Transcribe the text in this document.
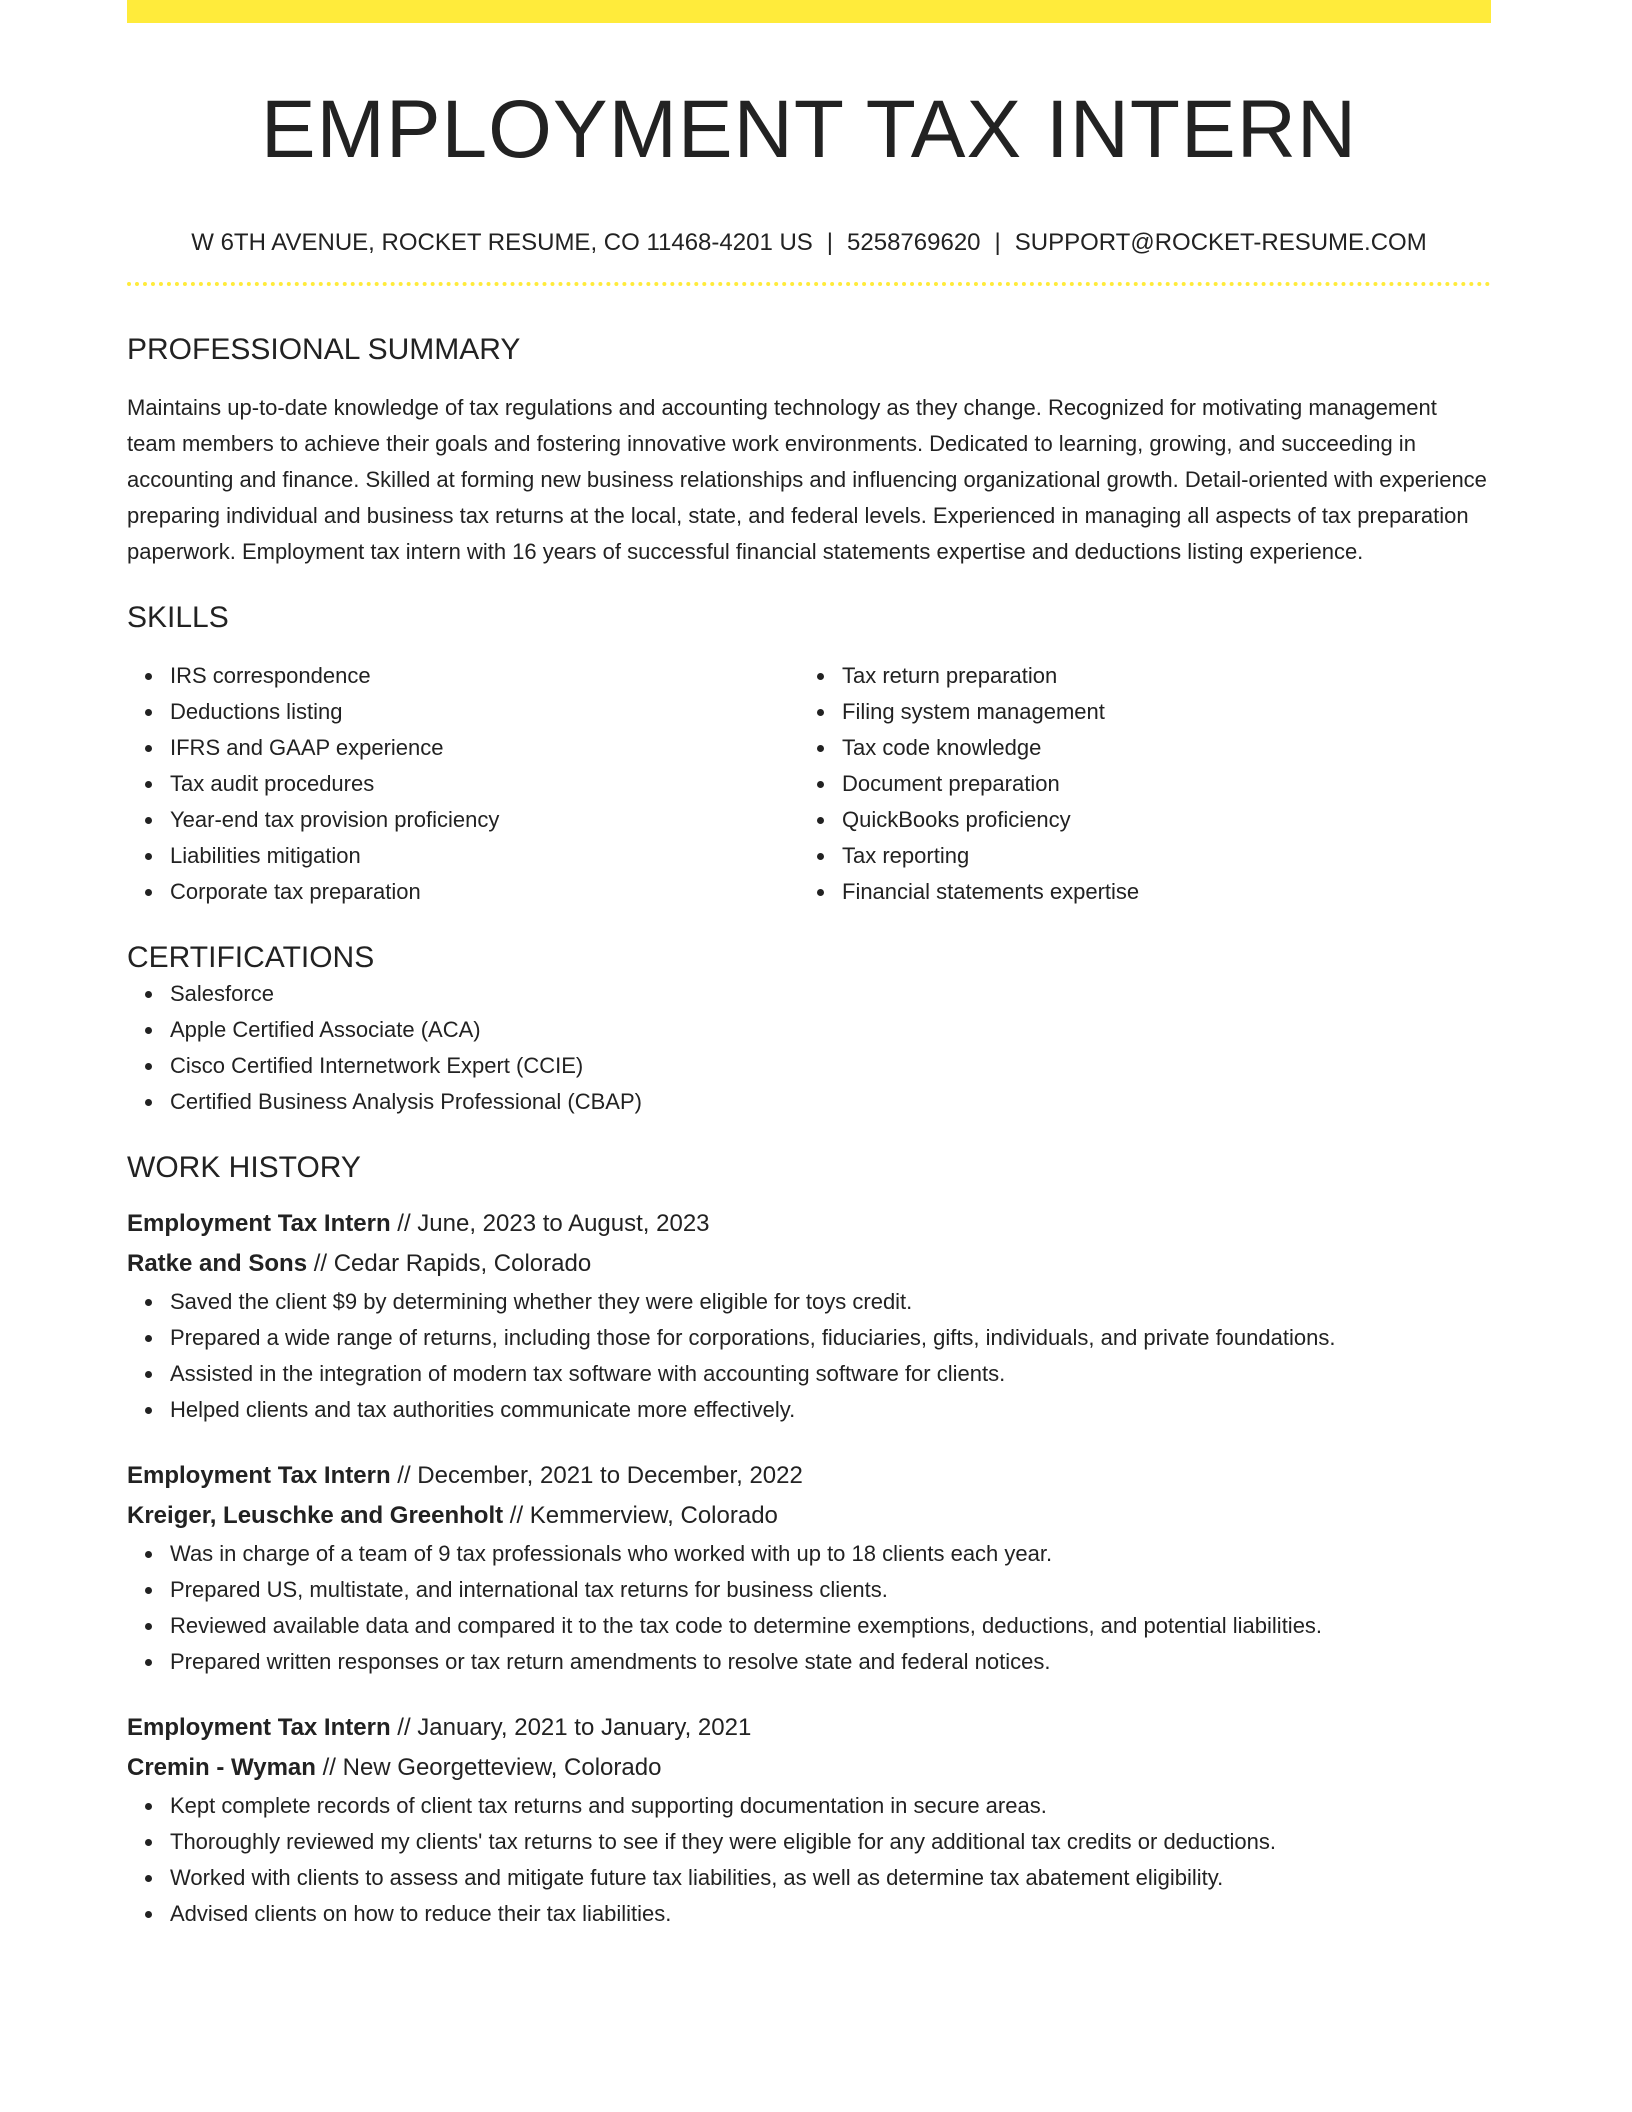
EMPLOYMENT TAX INTERN
W 6TH AVENUE, ROCKET RESUME, CO 11468-4201 US | 5258769620 | SUPPORT@ROCKET-RESUME.COM
PROFESSIONAL SUMMARY

Maintains up-to-date knowledge of tax regulations and accounting technology as they change. Recognized for motivating management team members to achieve their goals and fostering innovative work environments. Dedicated to learning, growing, and succeeding in accounting and finance. Skilled at forming new business relationships and influencing organizational growth. Detail-oriented with experience preparing individual and business tax returns at the local, state, and federal levels. Experienced in managing all aspects of tax preparation paperwork. Employment tax intern with 16 years of successful financial statements expertise and deductions listing experience.

SKILLS
IRS correspondence
Deductions listing
IFRS and GAAP experience
Tax audit procedures
Year-end tax provision proficiency
Liabilities mitigation
Corporate tax preparation
Tax return preparation
Filing system management
Tax code knowledge
Document preparation
QuickBooks proficiency
Tax reporting
Financial statements expertise
CERTIFICATIONS
Salesforce
Apple Certified Associate (ACA)
Cisco Certified Internetwork Expert (CCIE)
Certified Business Analysis Professional (CBAP)
WORK HISTORY
Employment Tax Intern // June, 2023 to August, 2023
Ratke and Sons // Cedar Rapids, Colorado
Saved the client $9 by determining whether they were eligible for toys credit.
Prepared a wide range of returns, including those for corporations, fiduciaries, gifts, individuals, and private foundations.
Assisted in the integration of modern tax software with accounting software for clients.
Helped clients and tax authorities communicate more effectively.
Employment Tax Intern // December, 2021 to December, 2022
Kreiger, Leuschke and Greenholt // Kemmerview, Colorado
Was in charge of a team of 9 tax professionals who worked with up to 18 clients each year.
Prepared US, multistate, and international tax returns for business clients.
Reviewed available data and compared it to the tax code to determine exemptions, deductions, and potential liabilities.
Prepared written responses or tax return amendments to resolve state and federal notices.
Employment Tax Intern // January, 2021 to January, 2021
Cremin - Wyman // New Georgetteview, Colorado
Kept complete records of client tax returns and supporting documentation in secure areas.
Thoroughly reviewed my clients' tax returns to see if they were eligible for any additional tax credits or deductions.
Worked with clients to assess and mitigate future tax liabilities, as well as determine tax abatement eligibility.
Advised clients on how to reduce their tax liabilities.
